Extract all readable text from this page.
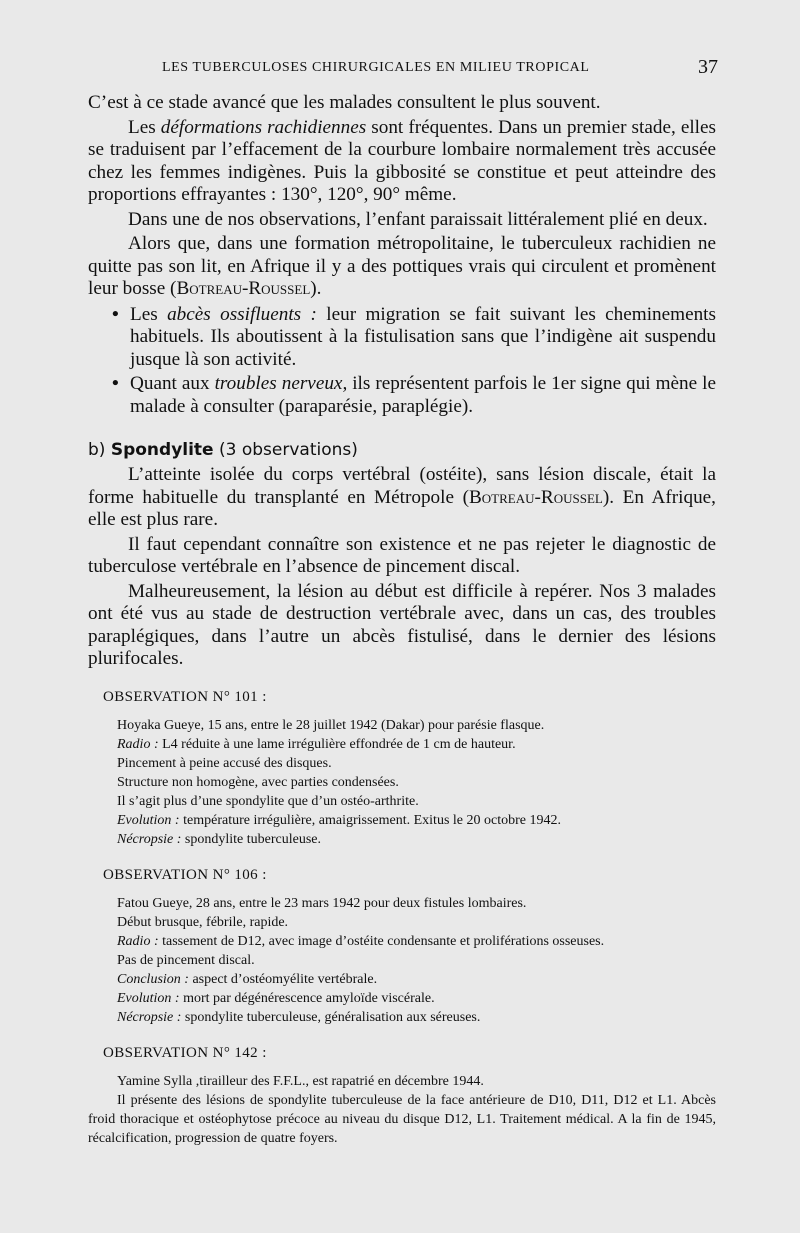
LES TUBERCULOSES CHIRURGICALES EN MILIEU TROPICAL	37

C’est à ce stade avancé que les malades consultent le plus souvent.

Les déformations rachidiennes sont fréquentes. Dans un premier stade, elles se traduisent par l’effacement de la courbure lombaire normalement très accusée chez les femmes indigènes. Puis la gibbosité se constitue et peut atteindre des proportions effrayantes : 130°, 120°, 90° même.

Dans une de nos observations, l’enfant paraissait littéralement plié en deux.

Alors que, dans une formation métropolitaine, le tuberculeux rachidien ne quitte pas son lit, en Afrique il y a des pottiques vrais qui circulent et promènent leur bosse (Botreau-Roussel).

• Les abcès ossifluents : leur migration se fait suivant les cheminements habituels. Ils aboutissent à la fistulisation sans que l’indigène ait suspendu jusque là son activité.
• Quant aux troubles nerveux, ils représentent parfois le 1er signe qui mène le malade à consulter (paraparésie, paraplégie).
b) Spondylite (3 observations)

L’atteinte isolée du corps vertébral (ostéite), sans lésion discale, était la forme habituelle du transplanté en Métropole (Botreau-Roussel). En Afrique, elle est plus rare.

Il faut cependant connaître son existence et ne pas rejeter le diagnostic de tuberculose vertébrale en l’absence de pincement discal.

Malheureusement, la lésion au début est difficile à repérer. Nos 3 malades ont été vus au stade de destruction vertébrale avec, dans un cas, des troubles paraplégiques, dans l’autre un abcès fistulisé, dans le dernier des lésions plurifocales.

OBSERVATION N° 101 :
Hoyaka Gueye, 15 ans, entre le 28 juillet 1942 (Dakar) pour parésie flasque.
Radio : L4 réduite à une lame irrégulière effondrée de 1 cm de hauteur.
Pincement à peine accusé des disques.
Structure non homogène, avec parties condensées.
Il s’agit plus d’une spondylite que d’un ostéo-arthrite.
Evolution : température irrégulière, amaigrissement. Exitus le 20 octobre 1942.
Nécropsie : spondylite tuberculeuse.
OBSERVATION N° 106 :
Fatou Gueye, 28 ans, entre le 23 mars 1942 pour deux fistules lombaires.
Début brusque, fébrile, rapide.
Radio : tassement de D12, avec image d’ostéite condensante et proliférations osseuses.
Pas de pincement discal.
Conclusion : aspect d’ostéomyélite vertébrale.
Evolution : mort par dégénérescence amyloïde viscérale.
Nécropsie : spondylite tuberculeuse, généralisation aux séreuses.
OBSERVATION N° 142 :
Yamine Sylla ,tirailleur des F.F.L., est rapatrié en décembre 1944.
Il présente des lésions de spondylite tuberculeuse de la face antérieure de D10, D11, D12 et L1. Abcès froid thoracique et ostéophytose précoce au niveau du disque D12, L1. Traitement médical. A la fin de 1945, récalcification, progression de quatre foyers.
